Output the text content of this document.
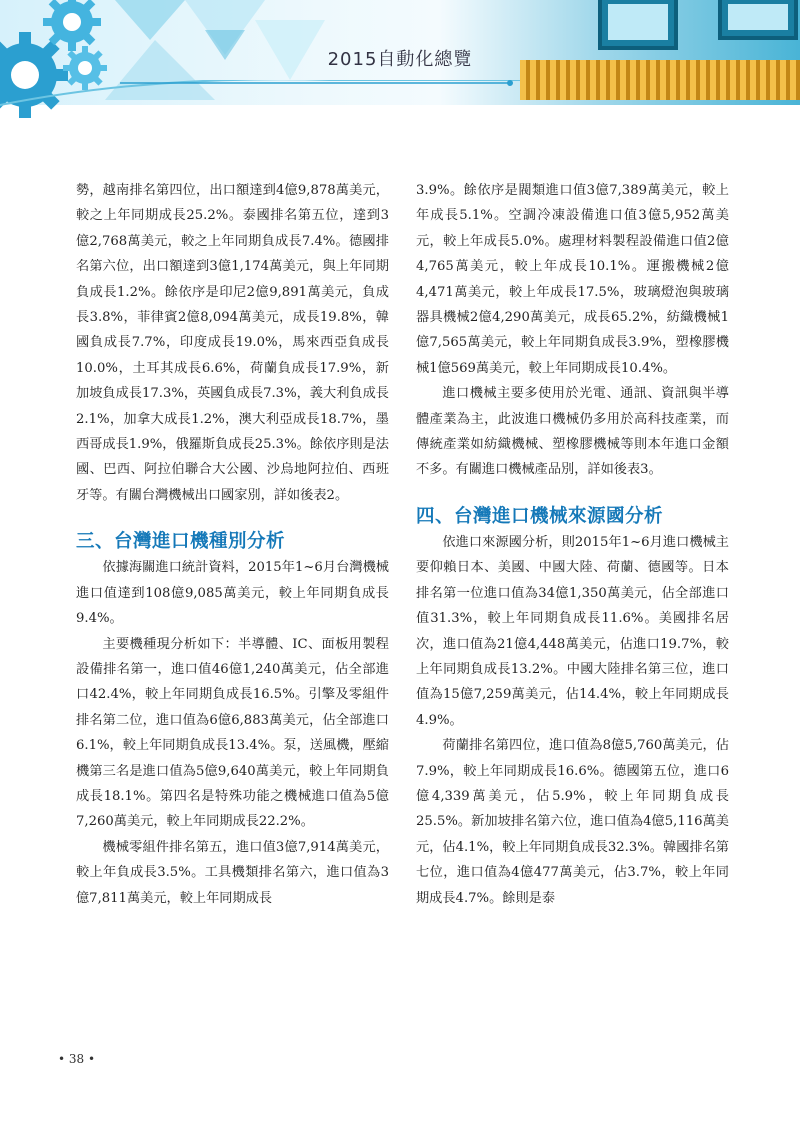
2015自動化總覽

勢，越南排名第四位，出口額達到4億9,878萬美元，較之上年同期成長25.2%。泰國排名第五位，達到3億2,768萬美元，較之上年同期負成長7.4%。德國排名第六位，出口額達到3億1,174萬美元，與上年同期負成長1.2%。餘依序是印尼2億9,891萬美元，負成長3.8%，菲律賓2億8,094萬美元，成長19.8%，韓國負成長7.7%，印度成長19.0%，馬來西亞負成長10.0%，土耳其成長6.6%，荷蘭負成長17.9%，新加坡負成長17.3%，英國負成長7.3%，義大利負成長2.1%，加拿大成長1.2%，澳大利亞成長18.7%，墨西哥成長1.9%，俄羅斯負成長25.3%。餘依序則是法國、巴西、阿拉伯聯合大公國、沙烏地阿拉伯、西班牙等。有關台灣機械出口國家別，詳如後表2。

三、台灣進口機種別分析

依據海關進口統計資料，2015年1~6月台灣機械進口值達到108億9,085萬美元，較上年同期負成長9.4%。

主要機種現分析如下：半導體、IC、面板用製程設備排名第一，進口值46億1,240萬美元，佔全部進口42.4%，較上年同期負成長16.5%。引擎及零組件排名第二位，進口值為6億6,883萬美元，佔全部進口6.1%，較上年同期負成長13.4%。泵，送風機，壓縮機第三名是進口值為5億9,640萬美元，較上年同期負成長18.1%。第四名是特殊功能之機械進口值為5億7,260萬美元，較上年同期成長22.2%。

機械零組件排名第五，進口值3億7,914萬美元，較上年負成長3.5%。工具機類排名第六，進口值為3億7,811萬美元，較上年同期成長

3.9%。餘依序是閥類進口值3億7,389萬美元，較上年成長5.1%。空調冷凍設備進口值3億5,952萬美元，較上年成長5.0%。處理材料製程設備進口值2億4,765萬美元，較上年成長10.1%。運搬機械2億4,471萬美元，較上年成長17.5%，玻璃燈泡與玻璃器具機械2億4,290萬美元，成長65.2%，紡織機械1億7,565萬美元，較上年同期負成長3.9%，塑橡膠機械1億569萬美元，較上年同期成長10.4%。

進口機械主要多使用於光電、通訊、資訊與半導體產業為主，此波進口機械仍多用於高科技產業，而傳統產業如紡織機械、塑橡膠機械等則本年進口金額不多。有關進口機械產品別，詳如後表3。

四、台灣進口機械來源國分析

依進口來源國分析，則2015年1~6月進口機械主要仰賴日本、美國、中國大陸、荷蘭、德國等。日本排名第一位進口值為34億1,350萬美元，佔全部進口值31.3%，較上年同期負成長11.6%。美國排名居次，進口值為21億4,448萬美元，佔進口19.7%，較上年同期負成長13.2%。中國大陸排名第三位，進口值為15億7,259萬美元，佔14.4%，較上年同期成長4.9%。

荷蘭排名第四位，進口值為8億5,760萬美元，佔7.9%，較上年同期成長16.6%。德國第五位，進口6億4,339萬美元，佔5.9%，較上年同期負成長25.5%。新加坡排名第六位，進口值為4億5,116萬美元，佔4.1%，較上年同期負成長32.3%。韓國排名第七位，進口值為4億477萬美元，佔3.7%，較上年同期成長4.7%。餘則是泰

• 38 •
